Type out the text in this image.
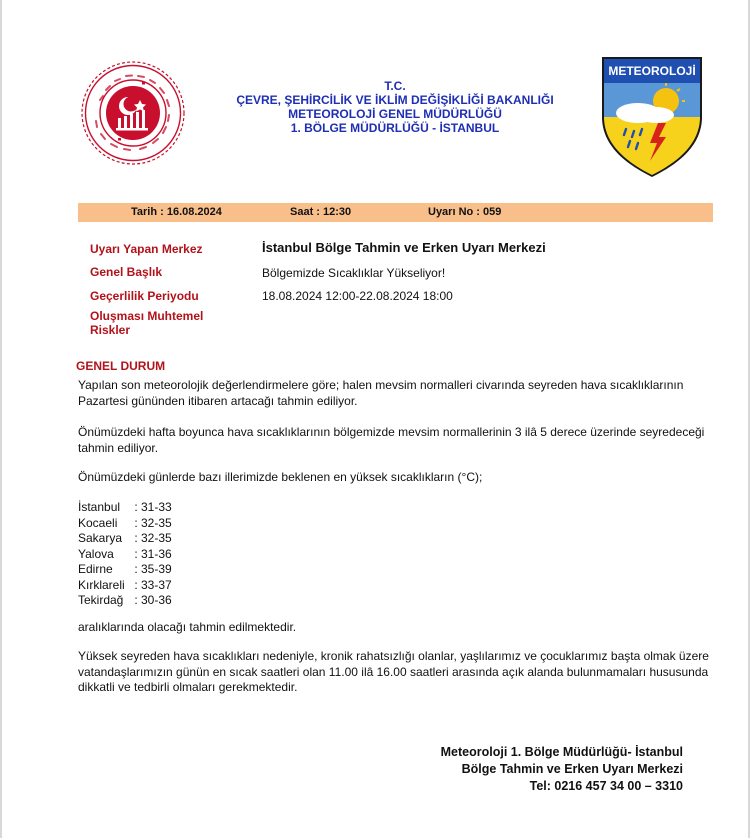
T.C.
ÇEVRE, ŞEHİRCİLİK VE İKLİM DEĞİŞİKLİĞİ BAKANLIĞI
METEOROLOJİ GENEL MÜDÜRLÜĞÜ
1. BÖLGE MÜDÜRLÜĞÜ - İSTANBUL
METEOROLOJİ
Tarih : 16.08.2024	Saat : 12:30	Uyarı No : 059
Uyarı Yapan Merkez	İstanbul Bölge Tahmin ve Erken Uyarı Merkezi
Genel Başlık	Bölgemizde Sıcaklıklar Yükseliyor!
Geçerlilik Periyodu	18.08.2024 12:00-22.08.2024 18:00
Oluşması Muhtemel Riskler
GENEL DURUM
Yapılan son meteorolojik değerlendirmelere göre; halen mevsim normalleri civarında seyreden hava sıcaklıklarının Pazartesi gününden itibaren artacağı tahmin ediliyor.
Önümüzdeki hafta boyunca hava sıcaklıklarının bölgemizde mevsim normallerinin 3 ilâ 5 derece üzerinde seyredeceği tahmin ediliyor.
Önümüzdeki günlerde bazı illerimizde beklenen en yüksek sıcaklıkların (°C);
İstanbul : 31-33
Kocaeli : 32-35
Sakarya : 32-35
Yalova : 31-36
Edirne : 35-39
Kırklareli : 33-37
Tekirdağ : 30-36
aralıklarında olacağı tahmin edilmektedir.
Yüksek seyreden hava sıcaklıkları nedeniyle, kronik rahatsızlığı olanlar, yaşlılarımız ve çocuklarımız başta olmak üzere vatandaşlarımızın günün en sıcak saatleri olan 11.00 ilâ 16.00 saatleri arasında açık alanda bulunmamaları hususunda dikkatli ve tedbirli olmaları gerekmektedir.
Meteoroloji 1. Bölge Müdürlüğü- İstanbul
Bölge Tahmin ve Erken Uyarı Merkezi
Tel: 0216 457 34 00 – 3310
